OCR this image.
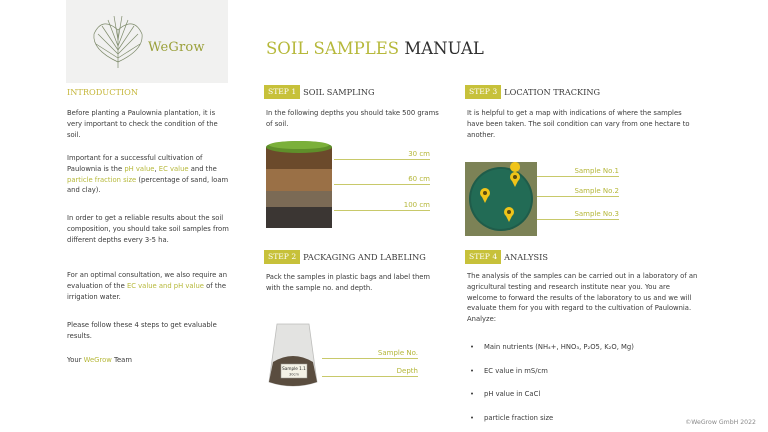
WeGrow	SOIL SAMPLES MANUAL
INTRODUCTION
Before planting a Paulownia plantation, it is very important to check the condition of the soil.
Important for a successful cultivation of Paulownia is the pH value, EC value and the particle fraction size (percentage of sand, loam and clay).
In order to get a reliable results about the soil composition, you should take soil samples from different depths every 3-5 ha.
For an optimal consultation, we also require an evaluation of the EC value and pH value of the irrigation water.
Please follow these 4 steps to get evaluable results.
Your WeGrow Team
STEP 1 SOIL SAMPLING
In the following depths you should take 500 grams of soil.
30 cm
60 cm
100 cm
STEP 2 PACKAGING AND LABELING
Pack the samples in plastic bags and label them with the sample no. and depth.
Sample 1.1
30cm
Sample No.
Depth
STEP 3 LOCATION TRACKING
It is helpful to get a map with indications of where the samples have been taken. The soil condition can vary from one hectare to another.
Sample No.1
Sample No.2
Sample No.3
STEP 4 ANALYSIS
The analysis of the samples can be carried out in a laboratory of an agricultural testing and research institute near you. You are welcome to forward the results of the laboratory to us and we will evaluate them for you with regard to the cultivation of Paulownia. Analyze:
• Main nutrients (NH₄+, HNO₃, P₂O5, K₂O, Mg)
• EC value in mS/cm
• pH value in CaCl
• particle fraction size
©WeGrow GmbH 2022
